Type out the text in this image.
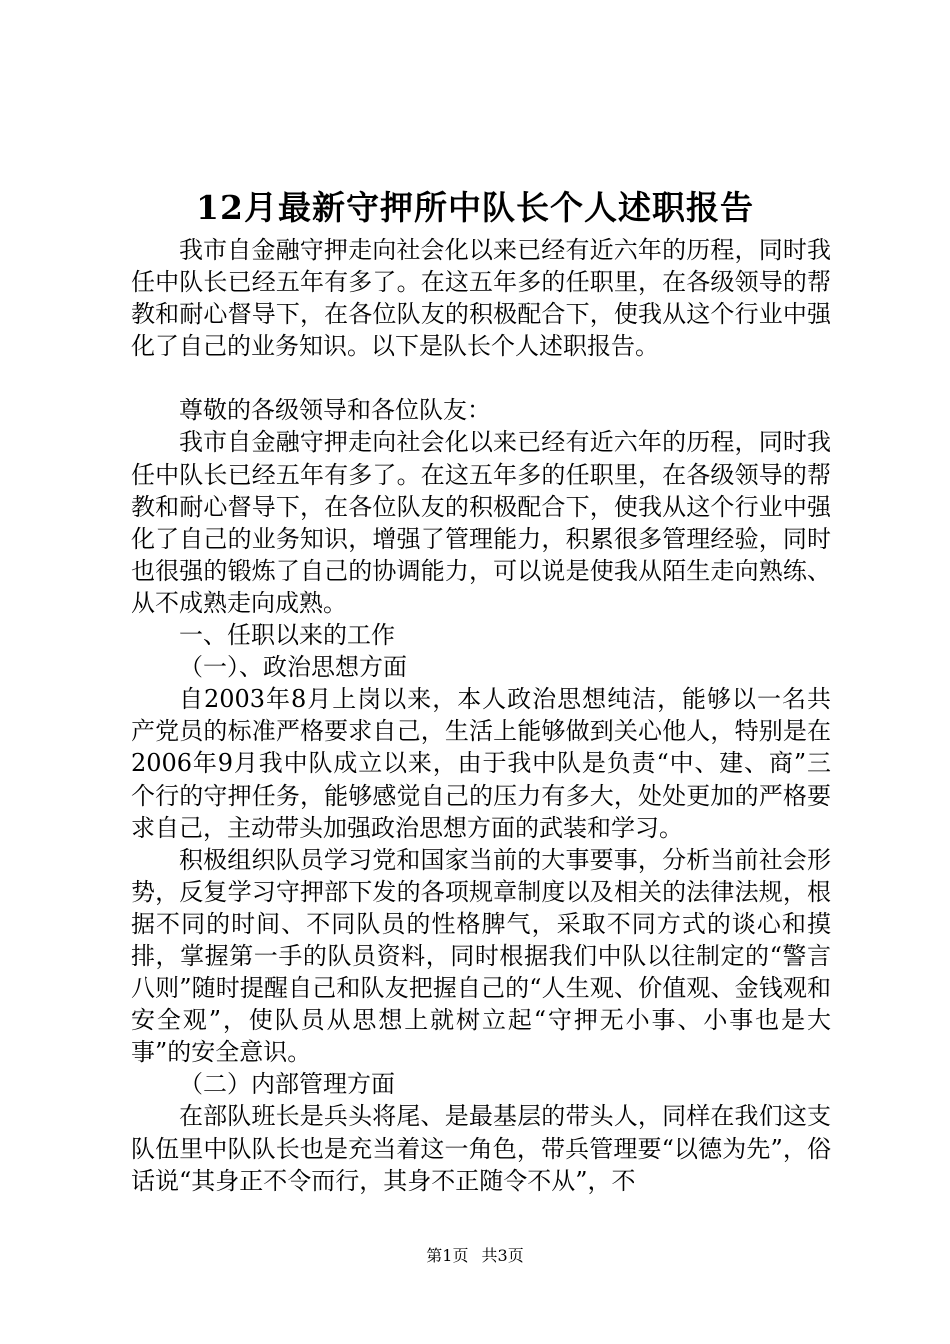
12月最新守押所中队长个人述职报告

我市自金融守押走向社会化以来已经有近六年的历程，同时我任中队长已经五年有多了。在这五年多的任职里，在各级领导的帮教和耐心督导下，在各位队友的积极配合下，使我从这个行业中强化了自己的业务知识。以下是队长个人述职报告。

尊敬的各级领导和各位队友：

我市自金融守押走向社会化以来已经有近六年的历程，同时我任中队长已经五年有多了。在这五年多的任职里，在各级领导的帮教和耐心督导下，在各位队友的积极配合下，使我从这个行业中强化了自己的业务知识，增强了管理能力，积累很多管理经验，同时也很强的锻炼了自己的协调能力，可以说是使我从陌生走向熟练、从不成熟走向成熟。

一、任职以来的工作

（一）、政治思想方面

自2003年8月上岗以来，本人政治思想纯洁，能够以一名共产党员的标准严格要求自己，生活上能够做到关心他人，特别是在2006年9月我中队成立以来，由于我中队是负责“中、建、商”三个行的守押任务，能够感觉自己的压力有多大，处处更加的严格要求自己，主动带头加强政治思想方面的武装和学习。

积极组织队员学习党和国家当前的大事要事，分析当前社会形势，反复学习守押部下发的各项规章制度以及相关的法律法规，根据不同的时间、不同队员的性格脾气，采取不同方式的谈心和摸排，掌握第一手的队员资料，同时根据我们中队以往制定的“警言八则”随时提醒自己和队友把握自己的“人生观、价值观、金钱观和安全观”，使队员从思想上就树立起“守押无小事、小事也是大事”的安全意识。

（二）内部管理方面

在部队班长是兵头将尾、是最基层的带头人，同样在我们这支队伍里中队队长也是充当着这一角色，带兵管理要“以德为先”，俗话说“其身正不令而行，其身不正随令不从”，不

第1页 共3页
